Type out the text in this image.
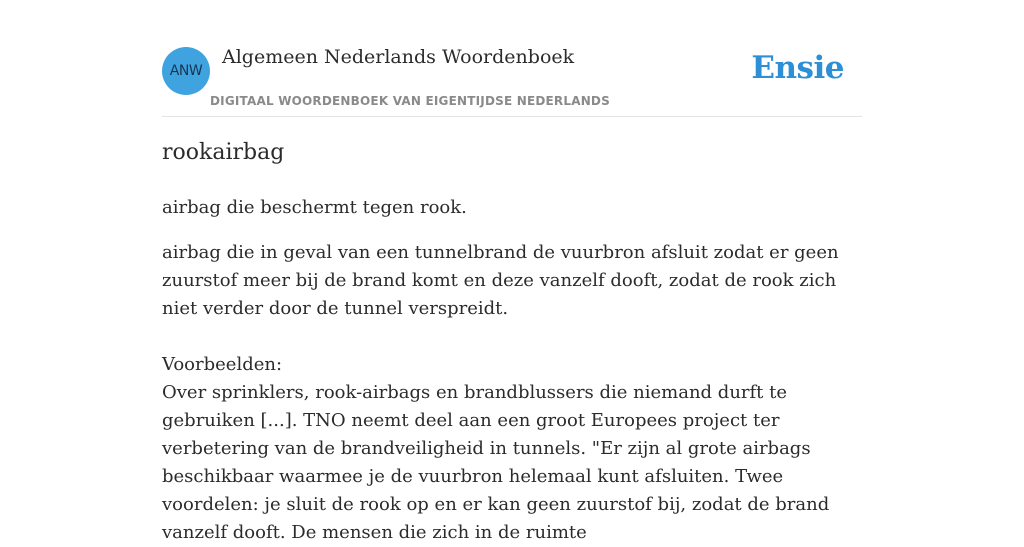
ANW
Algemeen Nederlands Woordenboek
DIGITAAL WOORDENBOEK VAN EIGENTIJDSE NEDERLANDS
Ensie
rookairbag

airbag die beschermt tegen rook.

airbag die in geval van een tunnelbrand de vuurbron afsluit zodat er geen zuurstof meer bij de brand komt en deze vanzelf dooft, zodat de rook zich niet verder door de tunnel verspreidt.

Voorbeelden:
Over sprinklers, rook-airbags en brandblussers die niemand durft te gebruiken [...]. TNO neemt deel aan een groot Europees project ter verbetering van de brandveiligheid in tunnels. "Er zijn al grote airbags beschikbaar waarmee je de vuurbron helemaal kunt afsluiten. Twee voordelen: je sluit de rook op en er kan geen zuurstof bij, zodat de brand vanzelf dooft. De mensen die zich in de ruimte
